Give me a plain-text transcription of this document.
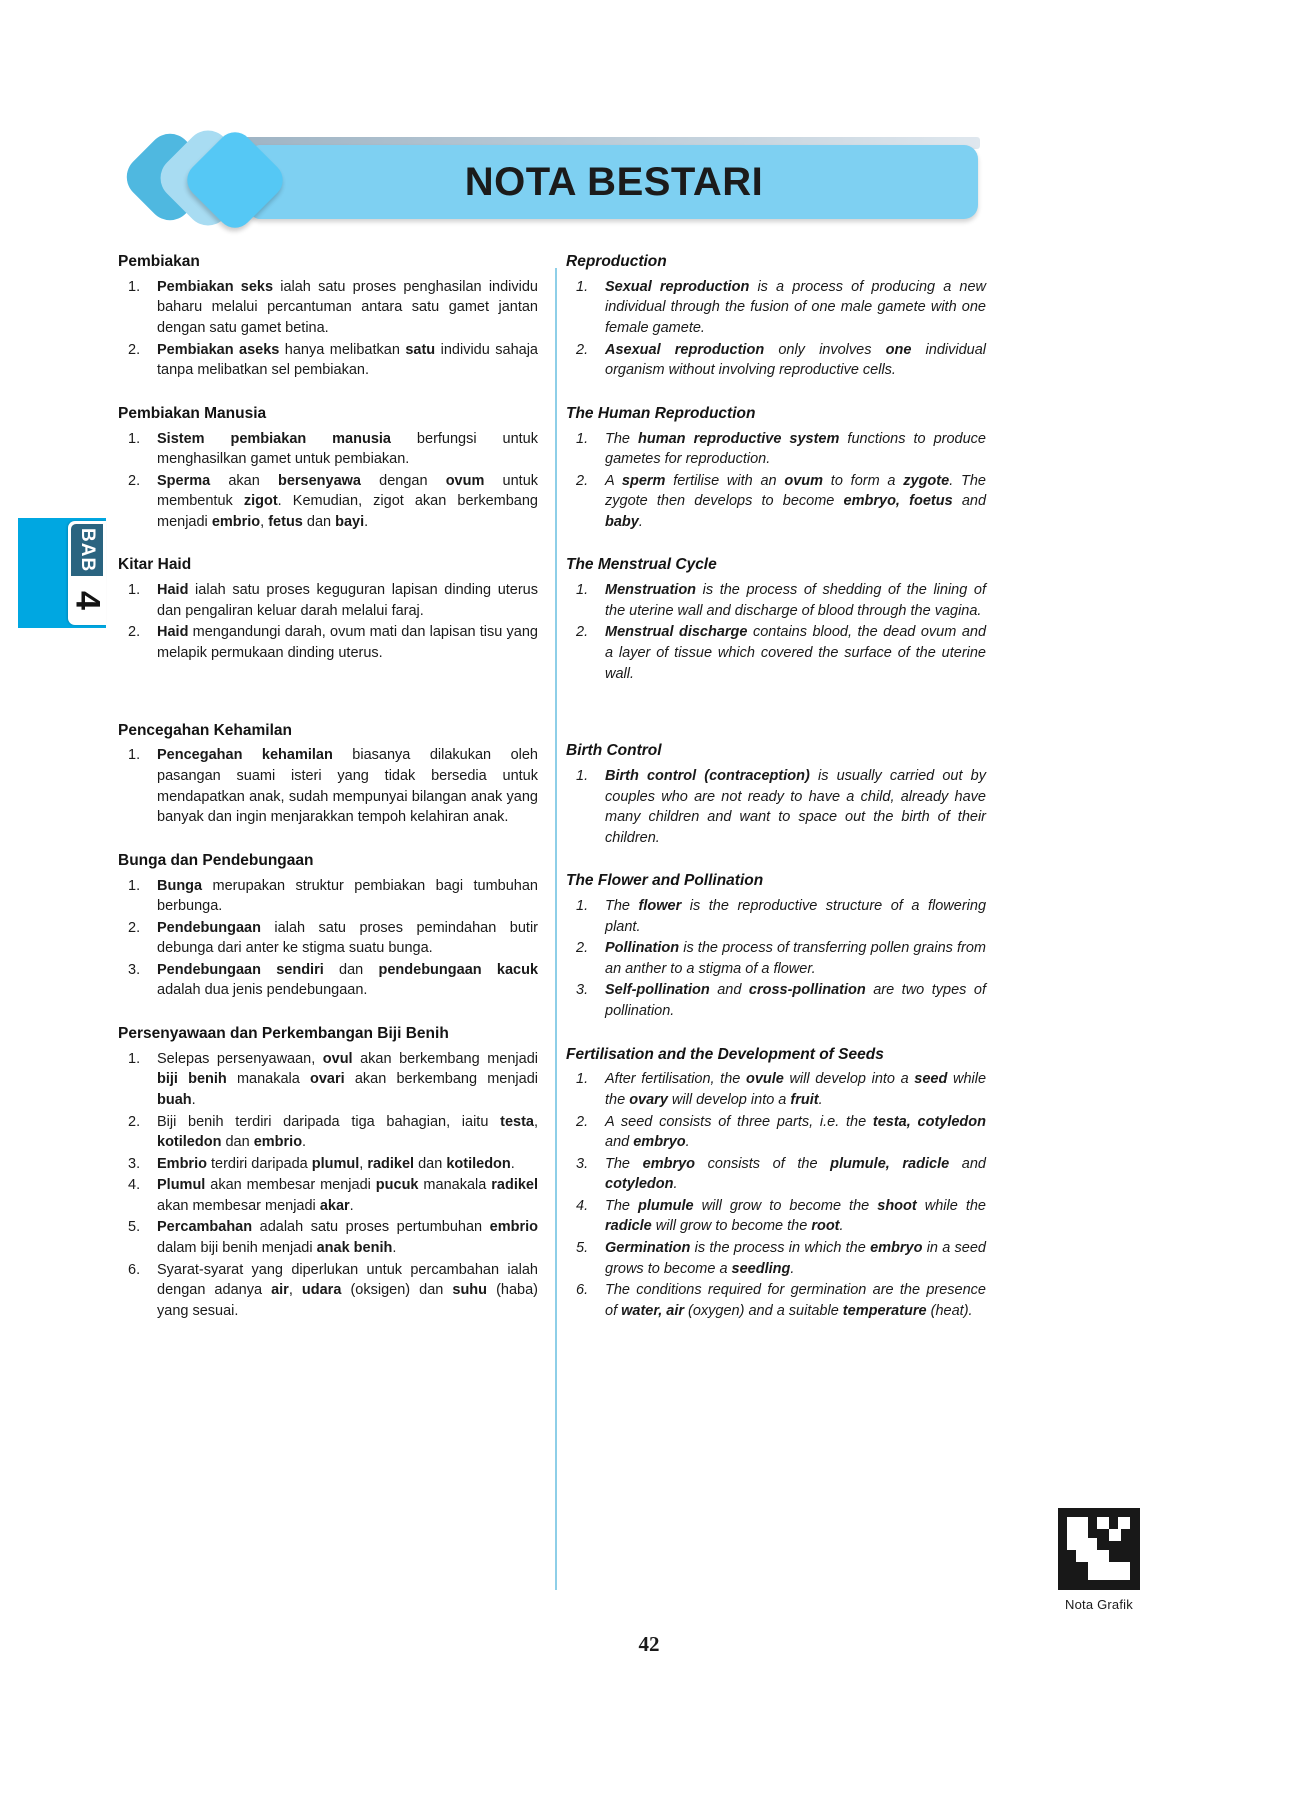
NOTA BESTARI
BAB
4
Pembiakan
1.	Pembiakan seks ialah satu proses penghasilan individu baharu melalui percantuman antara satu gamet jantan dengan satu gamet betina.
2.	Pembiakan aseks hanya melibatkan satu individu sahaja tanpa melibatkan sel pembiakan.
Pembiakan Manusia
1.	Sistem pembiakan manusia berfungsi untuk menghasilkan gamet untuk pembiakan.
2.	Sperma akan bersenyawa dengan ovum untuk membentuk zigot. Kemudian, zigot akan berkembang menjadi embrio, fetus dan bayi.
Kitar Haid
1.	Haid ialah satu proses keguguran lapisan dinding uterus dan pengaliran keluar darah melalui faraj.
2.	Haid mengandungi darah, ovum mati dan lapisan tisu yang melapik permukaan dinding uterus.
Pencegahan Kehamilan
1.	Pencegahan kehamilan biasanya dilakukan oleh pasangan suami isteri yang tidak bersedia untuk mendapatkan anak, sudah mempunyai bilangan anak yang banyak dan ingin menjarakkan tempoh kelahiran anak.
Bunga dan Pendebungaan
1.	Bunga merupakan struktur pembiakan bagi tumbuhan berbunga.
2.	Pendebungaan ialah satu proses pemindahan butir debunga dari anter ke stigma suatu bunga.
3.	Pendebungaan sendiri dan pendebungaan kacuk adalah dua jenis pendebungaan.
Persenyawaan dan Perkembangan Biji Benih
1.	Selepas persenyawaan, ovul akan berkembang menjadi biji benih manakala ovari akan berkembang menjadi buah.
2.	Biji benih terdiri daripada tiga bahagian, iaitu testa, kotiledon dan embrio.
3.	Embrio terdiri daripada plumul, radikel dan kotiledon.
4.	Plumul akan membesar menjadi pucuk manakala radikel akan membesar menjadi akar.
5.	Percambahan adalah satu proses pertumbuhan embrio dalam biji benih menjadi anak benih.
6.	Syarat-syarat yang diperlukan untuk percambahan ialah dengan adanya air, udara (oksigen) dan suhu (haba) yang sesuai.
Reproduction
1.	Sexual reproduction is a process of producing a new individual through the fusion of one male gamete with one female gamete.
2.	Asexual reproduction only involves one individual organism without involving reproductive cells.
The Human Reproduction
1.	The human reproductive system functions to produce gametes for reproduction.
2.	A sperm fertilise with an ovum to form a zygote. The zygote then develops to become embryo, foetus and baby.
The Menstrual Cycle
1.	Menstruation is the process of shedding of the lining of the uterine wall and discharge of blood through the vagina.
2.	Menstrual discharge contains blood, the dead ovum and a layer of tissue which covered the surface of the uterine wall.
Birth Control
1.	Birth control (contraception) is usually carried out by couples who are not ready to have a child, already have many children and want to space out the birth of their children.
The Flower and Pollination
1.	The flower is the reproductive structure of a flowering plant.
2.	Pollination is the process of transferring pollen grains from an anther to a stigma of a flower.
3.	Self-pollination and cross-pollination are two types of pollination.
Fertilisation and the Development of Seeds
1.	After fertilisation, the ovule will develop into a seed while the ovary will develop into a fruit.
2.	A seed consists of three parts, i.e. the testa, cotyledon and embryo.
3.	The embryo consists of the plumule, radicle and cotyledon.
4.	The plumule will grow to become the shoot while the radicle will grow to become the root.
5.	Germination is the process in which the embryo in a seed grows to become a seedling.
6.	The conditions required for germination are the presence of water, air (oxygen) and a suitable temperature (heat).
Nota Grafik
42
